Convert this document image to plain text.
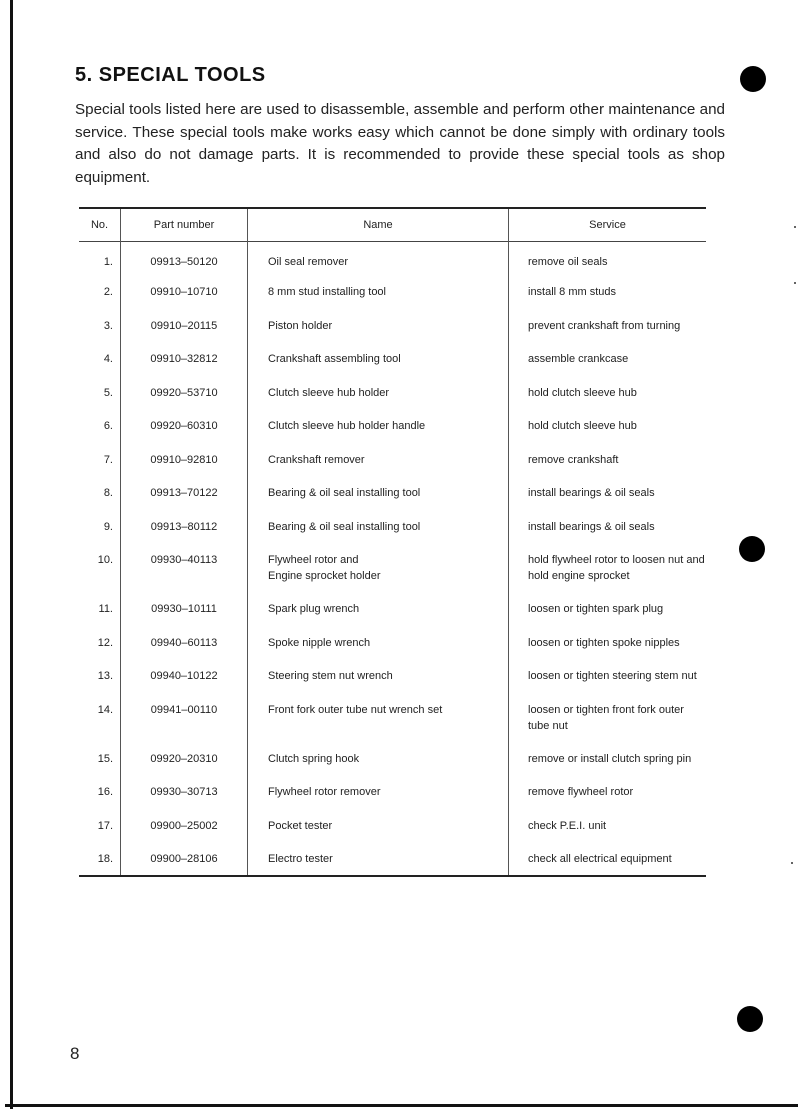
5. SPECIAL TOOLS

Special tools listed here are used to disassemble, assemble and perform other maintenance and service. These special tools make works easy which cannot be done simply with ordinary tools and also do not damage parts. It is recommended to provide these special tools as shop equipment.

No.	Part number	Name	Service

1.	09913–50120	Oil seal remover	remove oil seals

2.	09910–10710	8 mm stud installing tool	install 8 mm studs

3.	09910–20115	Piston holder	prevent crankshaft from turning

4.	09910–32812	Crankshaft assembling tool	assemble crankcase

5.	09920–53710	Clutch sleeve hub holder	hold clutch sleeve hub

6.	09920–60310	Clutch sleeve hub holder handle	hold clutch sleeve hub

7.	09910–92810	Crankshaft remover	remove crankshaft

8.	09913–70122	Bearing & oil seal installing tool	install bearings & oil seals

9.	09913–80112	Bearing & oil seal installing tool	install bearings & oil seals

10.	09930–40113	Flywheel rotor and
Engine sprocket holder	hold flywheel rotor to loosen nut and
hold engine sprocket

11.	09930–10111	Spark plug wrench	loosen or tighten spark plug

12.	09940–60113	Spoke nipple wrench	loosen or tighten spoke nipples

13.	09940–10122	Steering stem nut wrench	loosen or tighten steering stem nut

14.	09941–00110	Front fork outer tube nut wrench set	loosen or tighten front fork outer
tube nut

15.	09920–20310	Clutch spring hook	remove or install clutch spring pin

16.	09930–30713	Flywheel rotor remover	remove flywheel rotor

17.	09900–25002	Pocket tester	check P.E.I. unit

18.	09900–28106	Electro tester	check all electrical equipment
8
